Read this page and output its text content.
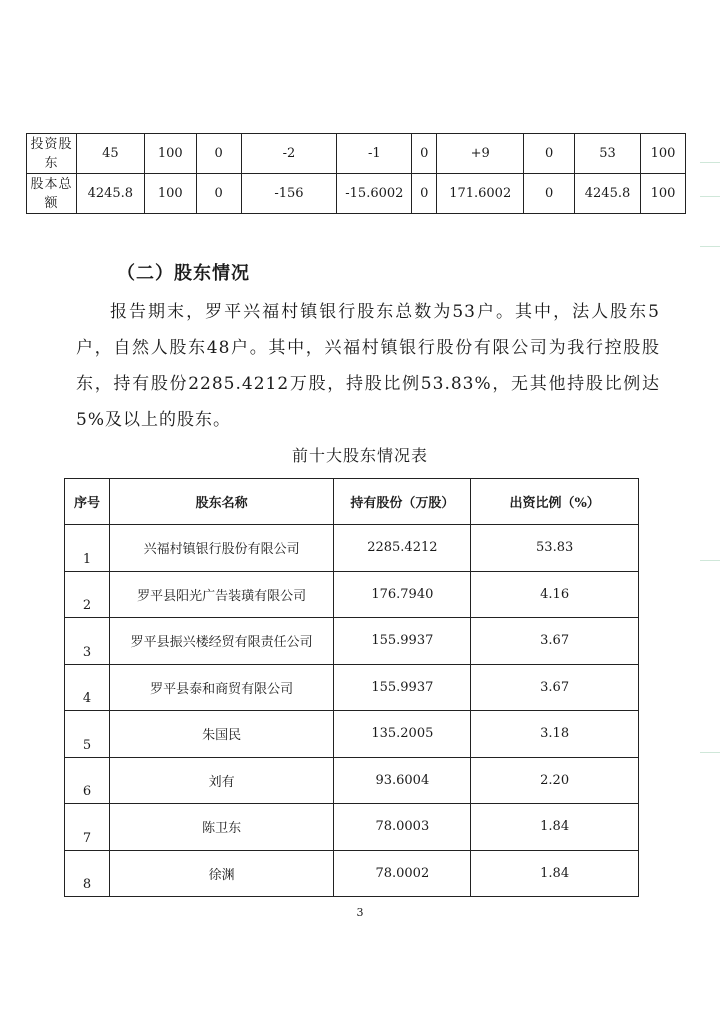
投资股东	45	100	0	-2	-1	0	+9	0	53	100
股本总额	4245.8	100	0	-156	-15.6002	0	171.6002	0	4245.8	100
（二）股东情况

报告期末，罗平兴福村镇银行股东总数为53户。其中，法人股东5户，自然人股东48户。其中，兴福村镇银行股份有限公司为我行控股股东，持有股份2285.4212万股，持股比例53.83%，无其他持股比例达5%及以上的股东。

前十大股东情况表
序号	股东名称	持有股份（万股）	出资比例（%）
1	兴福村镇银行股份有限公司	2285.4212	53.83
2	罗平县阳光广告装璜有限公司	176.7940	4.16
3	罗平县振兴楼经贸有限责任公司	155.9937	3.67
4	罗平县泰和商贸有限公司	155.9937	3.67
5	朱国民	135.2005	3.18
6	刘有	93.6004	2.20
7	陈卫东	78.0003	1.84
8	徐渊	78.0002	1.84
3
